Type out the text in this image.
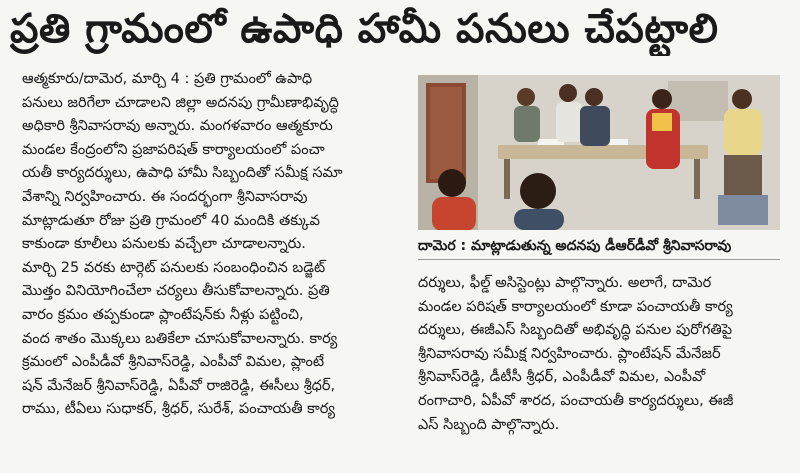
ప్రతి గ్రామంలో ఉపాధి హామీ పనులు చేపట్టాలి
ఆత్మకూరు/దామెర, మార్చి 4 : ప్రతి గ్రామంలో ఉపాధి
పనులు జరిగేలా చూడాలని జిల్లా అదనపు గ్రామీణాభివృద్ధి
అధికారి శ్రీనివాసరావు అన్నారు. మంగళవారం ఆత్మకూరు
మండల కేంద్రంలోని ప్రజాపరిషత్ కార్యాలయంలో పంచా
యతీ కార్యదర్శులు, ఉపాధి హామీ సిబ్బందితో సమీక్ష సమా
వేశాన్ని నిర్వహించారు. ఈ సందర్భంగా శ్రీనివాసరావు
మాట్లాడుతూ రోజు ప్రతి గ్రామంలో 40 మందికి తక్కువ
కాకుండా కూలీలు పనులకు వచ్చేలా చూడాలన్నారు.
మార్చి 25 వరకు టార్గెట్ పనులకు సంబంధించిన బడ్జెట్
మొత్తం వినియోగించేలా చర్యలు తీసుకోవాలన్నారు. ప్రతి
వారం క్రమం తప్పకుండా ప్లాంటేషన్‌కు నీళ్లు పట్టించి,
వంద శాతం మొక్కలు బతికేలా చూసుకోవాలన్నారు. కార్య
క్రమంలో ఎంపీడీవో శ్రీనివాస్‌రెడ్డి, ఎంపీవో విమల, ప్లాంటే
షన్ మేనేజర్ శ్రీనివాస్‌రెడ్డి, ఏపీవో రాజిరెడ్డి, ఈసీలు శ్రీధర్,
రాము, టీఏలు సుధాకర్, శ్రీధర్, సురేశ్, పంచాయతీ కార్య
దామెర : మాట్లాడుతున్న అదనపు డీఆర్‌డీవో శ్రీనివాసరావు
దర్శులు, ఫీల్డ్ అసిస్టెంట్లు పాల్గొన్నారు. అలాగే, దామెర
మండల పరిషత్ కార్యాలయంలో కూడా పంచాయతీ కార్య
దర్శులు, ఈజీఎస్ సిబ్బందితో అభివృద్ధి పనుల పురోగతిపై
శ్రీనివాసరావు సమీక్ష నిర్వహించారు. ప్లాంటేషన్ మేనేజర్
శ్రీనివాస్‌రెడ్డి, డీటీసీ శ్రీధర్, ఎంపీడీవో విమల, ఎంపీవో
రంగాచారి, ఏపీవో శారద, పంచాయతీ కార్యదర్శులు, ఈజీ
ఎస్ సిబ్బంది పాల్గొన్నారు.
